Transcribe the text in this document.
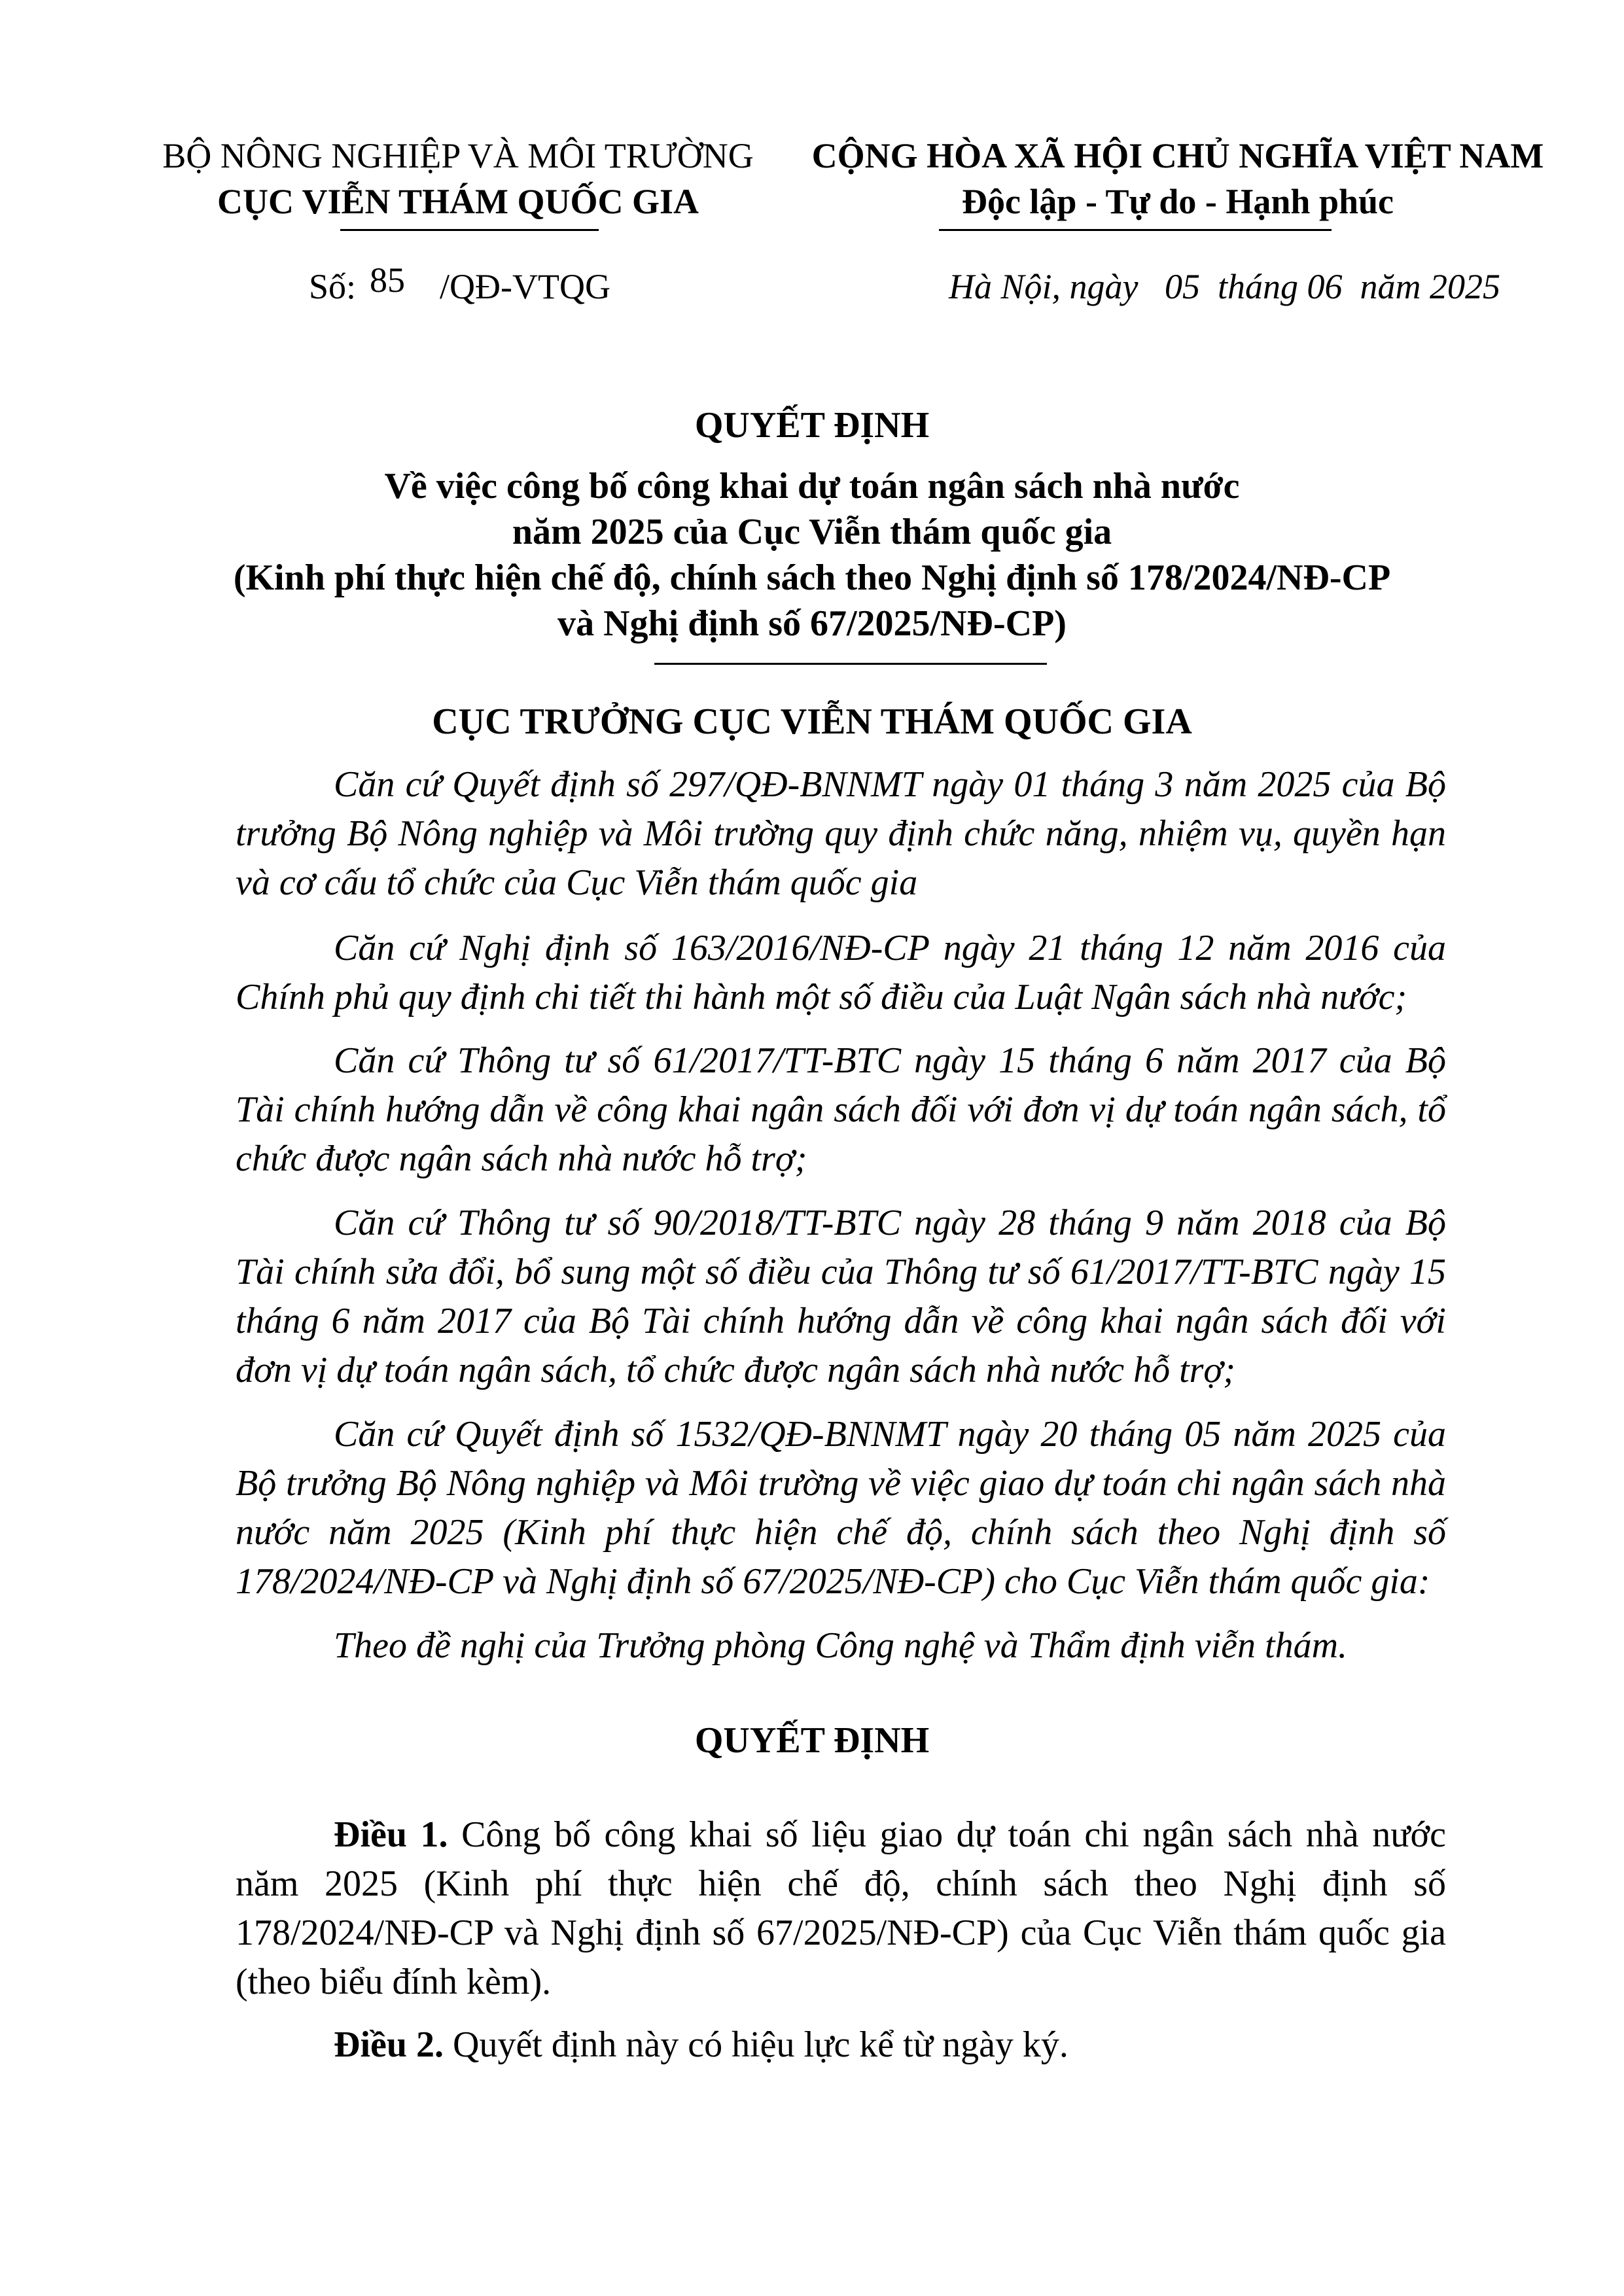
BỘ NÔNG NGHIỆP VÀ MÔI TRƯỜNG
CỤC VIỄN THÁM QUỐC GIA
CỘNG HÒA XÃ HỘI CHỦ NGHĨA VIỆT NAM
Độc lập - Tự do - Hạnh phúc
Số: 85 /QĐ-VTQG	Hà Nội, ngày   05  tháng 06  năm 2025
QUYẾT ĐỊNH
Về việc công bố công khai dự toán ngân sách nhà nước
năm 2025 của Cục Viễn thám quốc gia
(Kinh phí thực hiện chế độ, chính sách theo Nghị định số 178/2024/NĐ-CP
và Nghị định số 67/2025/NĐ-CP)
CỤC TRƯỞNG CỤC VIỄN THÁM QUỐC GIA
Căn cứ Quyết định số 297/QĐ-BNNMT ngày 01 tháng 3 năm 2025 của Bộ trưởng Bộ Nông nghiệp và Môi trường quy định chức năng, nhiệm vụ, quyền hạn và cơ cấu tổ chức của Cục Viễn thám quốc gia
Căn cứ Nghị định số 163/2016/NĐ-CP ngày 21 tháng 12 năm 2016 của Chính phủ quy định chi tiết thi hành một số điều của Luật Ngân sách nhà nước;
Căn cứ Thông tư số 61/2017/TT-BTC ngày 15 tháng 6 năm 2017 của Bộ Tài chính hướng dẫn về công khai ngân sách đối với đơn vị dự toán ngân sách, tổ chức được ngân sách nhà nước hỗ trợ;
Căn cứ Thông tư số 90/2018/TT-BTC ngày 28 tháng 9 năm 2018 của Bộ Tài chính sửa đổi, bổ sung một số điều của Thông tư số 61/2017/TT-BTC ngày 15 tháng 6 năm 2017 của Bộ Tài chính hướng dẫn về công khai ngân sách đối với đơn vị dự toán ngân sách, tổ chức được ngân sách nhà nước hỗ trợ;
Căn cứ Quyết định số 1532/QĐ-BNNMT ngày 20 tháng 05 năm 2025 của Bộ trưởng Bộ Nông nghiệp và Môi trường về việc giao dự toán chi ngân sách nhà nước năm 2025 (Kinh phí thực hiện chế độ, chính sách theo Nghị định số 178/2024/NĐ-CP và Nghị định số 67/2025/NĐ-CP) cho Cục Viễn thám quốc gia:
Theo đề nghị của Trưởng phòng Công nghệ và Thẩm định viễn thám.
QUYẾT ĐỊNH
Điều 1. Công bố công khai số liệu giao dự toán chi ngân sách nhà nước năm 2025 (Kinh phí thực hiện chế độ, chính sách theo Nghị định số 178/2024/NĐ-CP và Nghị định số 67/2025/NĐ-CP) của Cục Viễn thám quốc gia (theo biểu đính kèm).
Điều 2. Quyết định này có hiệu lực kể từ ngày ký.
